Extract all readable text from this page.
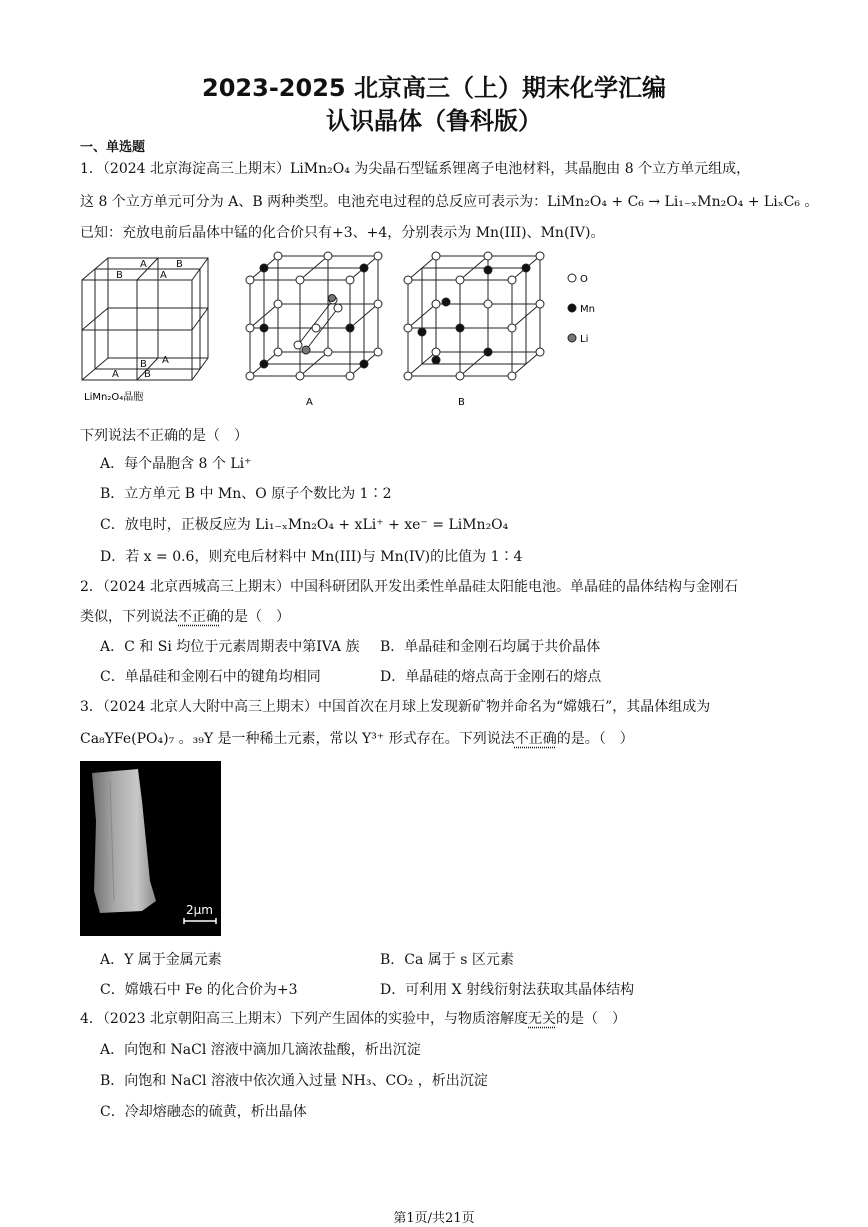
2023-2025 北京高三（上）期末化学汇编
认识晶体（鲁科版）
一、单选题
1．（2024 北京海淀高三上期末）LiMn₂O₄ 为尖晶石型锰系锂离子电池材料，其晶胞由 8 个立方单元组成，
这 8 个立方单元可分为 A、B 两种类型。电池充电过程的总反应可表示为：LiMn₂O₄ + C₆ → Li₁₋ₓMn₂O₄ + LiₓC₆ 。
已知：充放电前后晶体中锰的化合价只有+3、+4，分别表示为 Mn(III)、Mn(IV)。
A	B
B	A
B A
A	B
LiMn₂O₄晶胞	A	B
O
Mn
Li
下列说法不正确的是（　）
A．每个晶胞含 8 个 Li⁺
B．立方单元 B 中 Mn、O 原子个数比为 1∶2
C．放电时，正极反应为 Li₁₋ₓMn₂O₄ + xLi⁺ + xe⁻ = LiMn₂O₄
D．若 x = 0.6，则充电后材料中 Mn(III)与 Mn(IV)的比值为 1∶4
2．（2024 北京西城高三上期末）中国科研团队开发出柔性单晶硅太阳能电池。单晶硅的晶体结构与金刚石
类似，下列说法不正确的是（　）
A．C 和 Si 均位于元素周期表中第IVA 族 B．单晶硅和金刚石均属于共价晶体
C．单晶硅和金刚石中的键角均相同	D．单晶硅的熔点高于金刚石的熔点
3．（2024 北京人大附中高三上期末）中国首次在月球上发现新矿物并命名为“嫦娥石”，其晶体组成为
Ca₈YFe(PO₄)₇ 。₃₉Y 是一种稀土元素，常以 Y³⁺ 形式存在。下列说法不正确的是。（　）
2μm
A．Y 属于金属元素	B．Ca 属于 s 区元素
C．嫦娥石中 Fe 的化合价为+3	D．可利用 X 射线衍射法获取其晶体结构
4．（2023 北京朝阳高三上期末）下列产生固体的实验中，与物质溶解度无关的是（　）
A．向饱和 NaCl 溶液中滴加几滴浓盐酸，析出沉淀
B．向饱和 NaCl 溶液中依次通入过量 NH₃、CO₂ ，析出沉淀
C．冷却熔融态的硫黄，析出晶体
第1页/共21页
